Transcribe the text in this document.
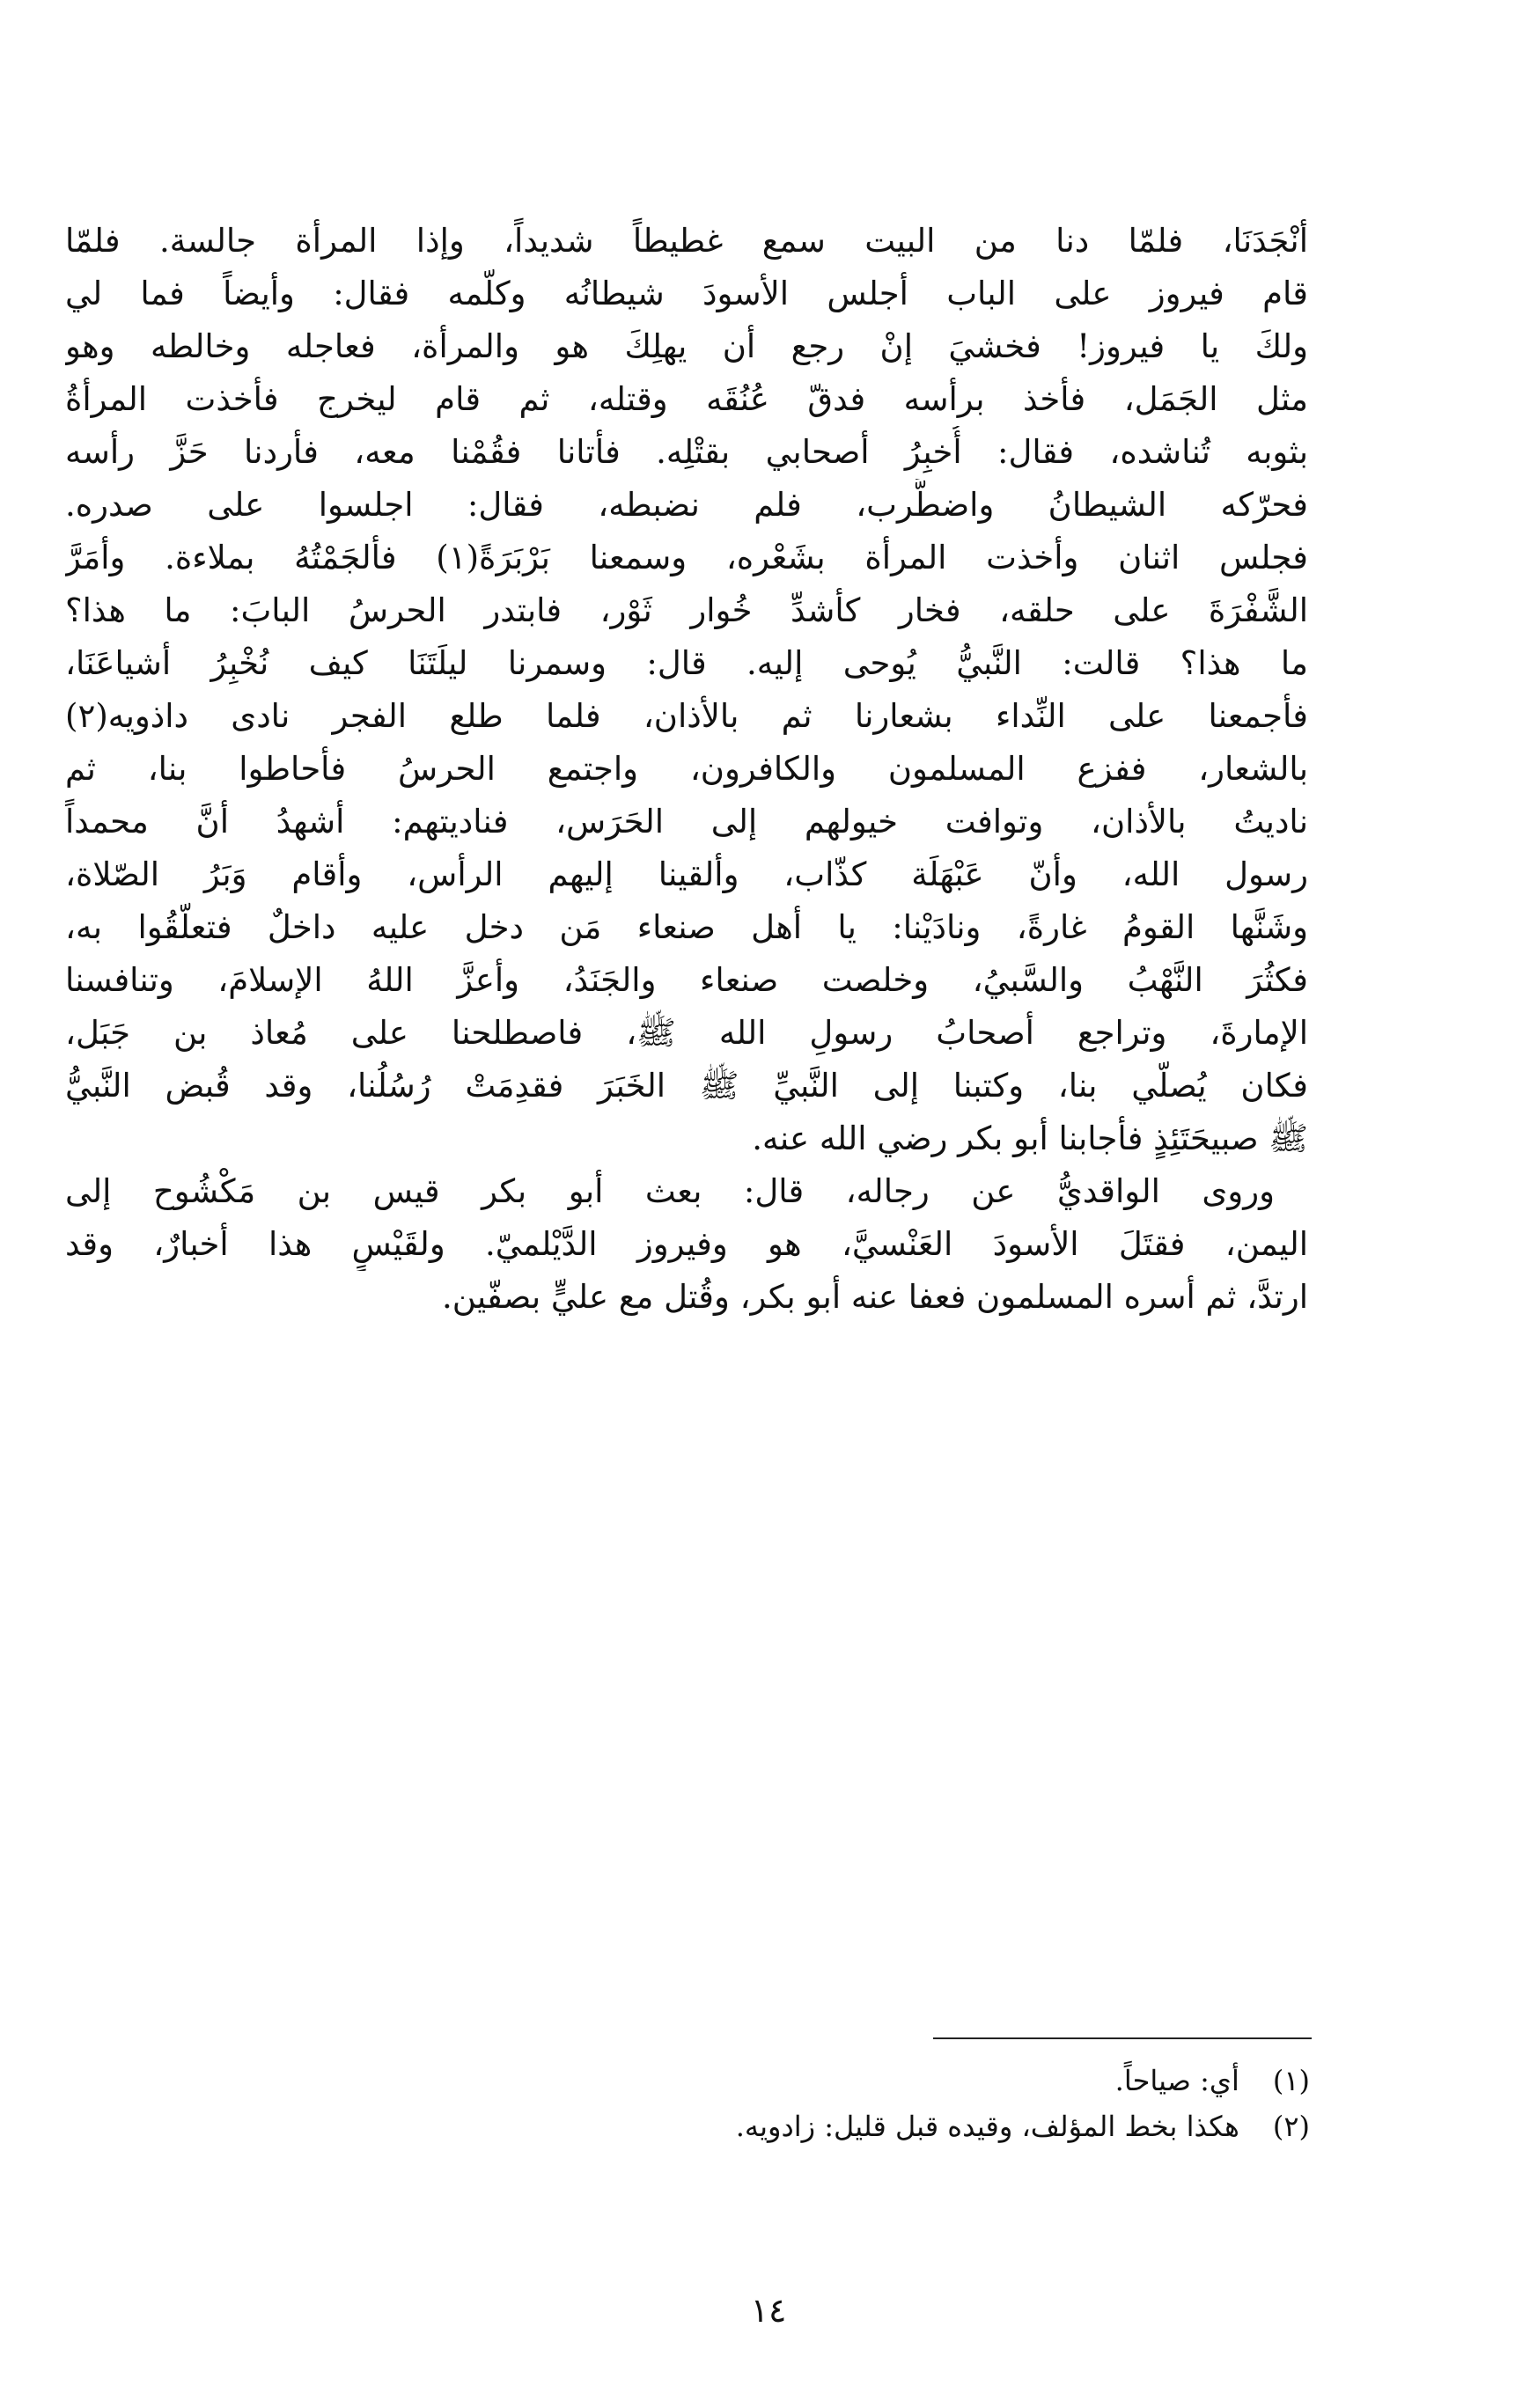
أنْجَدَنَا، فلمّا دنا من البيت سمع غطيطاً شديداً، وإذا المرأة جالسة. فلمّا
قام فيروز على الباب أجلس الأسودَ شيطانُه وكلّمه فقال: وأيضاً فما لي
ولكَ يا فيروز! فخشيَ إنْ رجع أن يهلِكَ هو والمرأة، فعاجله وخالطه وهو
مثل الجَمَل، فأخذ برأسه فدقّ عُنُقَه وقتله، ثم قام ليخرج فأخذت المرأةُ
بثوبه تُناشده، فقال: أُخبِرُ أصحابي بقتْلِه. فأتانا فقُمْنا معه، فأردنا حَزَّ رأسه
فحرّكه الشيطانُ واضطَّرب، فلم نضبطه، فقال: اجلسوا على صدره.
فجلس اثنان وأخذت المرأة بشَعْره، وسمعنا بَرْبَرَةً(١) فألجَمْتُهُ بملاءة. وأمَرَّ
الشَّفْرَةَ على حلقه، فخار كأشدِّ خُوار ثَوْر، فابتدر الحرسُ البابَ: ما هذا؟
ما هذا؟ قالت: النَّبيُّ يُوحى إليه. قال: وسمرنا ليلَتَنَا كيف نُخْبِرُ أشياعَنَا،
فأجمعنا على النِّداء بشعارنا ثم بالأذان، فلما طلع الفجر نادى داذويه(٢)
بالشعار، ففزع المسلمون والكافرون، واجتمع الحرسُ فأحاطوا بنا، ثم
ناديتُ بالأذان، وتوافت خيولهم إلى الحَرَس، فناديتهم: أشهدُ أنَّ محمداً
رسول الله، وأنّ عَبْهَلَة كذّاب، وألقينا إليهم الرأس، وأقام وَبَرُ الصّلاة،
وشَنَّها القومُ غارةً، ونادَيْنا: يا أهل صنعاء مَن دخل عليه داخلٌ فتعلّقُوا به،
فكثُرَ النَّهْبُ والسَّبيُ، وخلصت صنعاء والجَنَدُ، وأعزَّ اللهُ الإسلامَ، وتنافسنا
الإمارةَ، وتراجع أصحابُ رسولِ الله ﷺ، فاصطلحنا على مُعاذ بن جَبَل،
فكان يُصلّي بنا، وكتبنا إلى النَّبيِّ ﷺ الخَبَرَ فقدِمَتْ رُسُلُنا، وقد قُبض النَّبيُّ
ﷺ صبيحَتَئِذٍ فأجابنا أبو بكر رضي الله عنه.
وروى الواقديُّ عن رجاله، قال: بعث أبو بكر قيس بن مَكْشُوح إلى
اليمن، فقتَلَ الأسودَ العَنْسيَّ، هو وفيروز الدَّيْلميّ. ولقَيْسٍ هذا أخبارٌ، وقد
ارتدَّ، ثم أسره المسلمون فعفا عنه أبو بكر، وقُتل مع عليٍّ بصفّين.
(١) أي: صياحاً.
(٢) هكذا بخط المؤلف، وقيده قبل قليل: زادويه.
١٤
